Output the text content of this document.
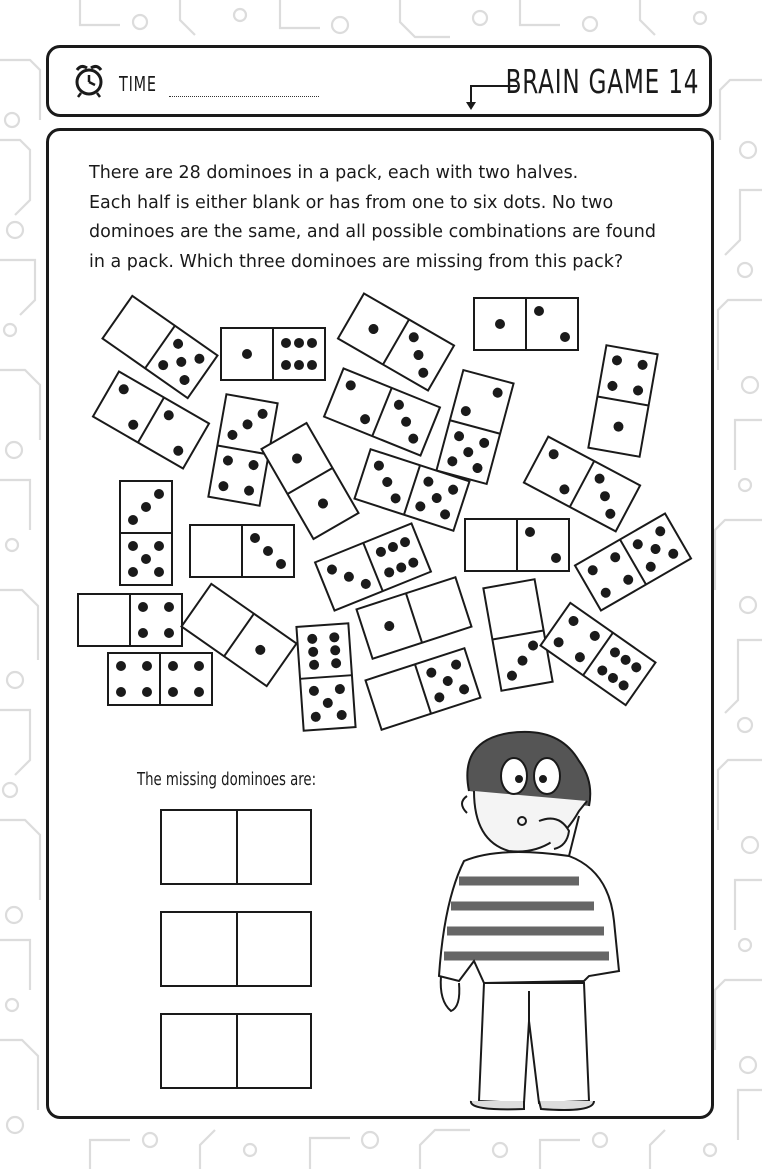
TIME	BRAIN GAME 14

There are 28 dominoes in a pack, each with two halves.

Each half is either blank or has from one to six dots. No two

dominoes are the same, and all possible combinations are found

in a pack. Which three dominoes are missing from this pack?

The missing dominoes are:
